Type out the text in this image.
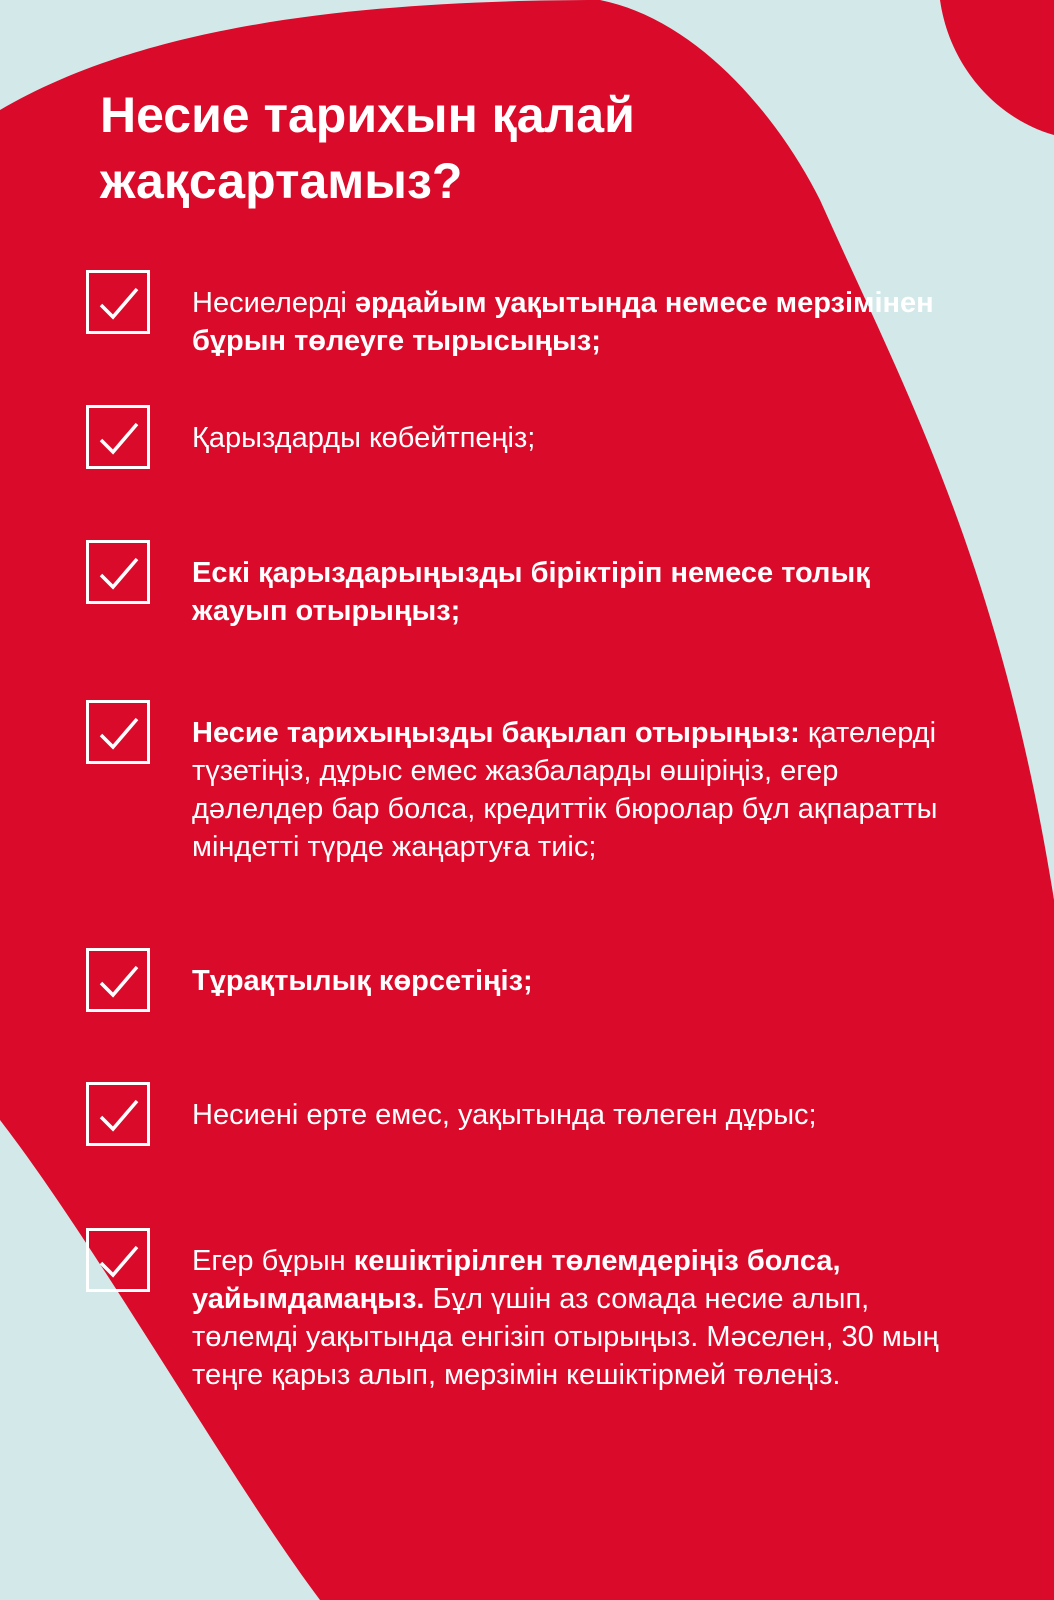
Несие тарихын қалай жақсартамыз?
Несиелерді әрдайым уақытында немесе мерзімінен бұрын төлеуге тырысыңыз;
Қарыздарды көбейтпеңіз;
Ескі қарыздарыңызды біріктіріп немесе толық жауып отырыңыз;
Несие тарихыңызды бақылап отырыңыз: қателерді түзетіңіз, дұрыс емес жазбаларды өшіріңіз, егер дәлелдер бар болса, кредиттік бюролар бұл ақпаратты міндетті түрде жаңартуға тиіс;
Тұрақтылық көрсетіңіз;
Несиені ерте емес, уақытында төлеген дұрыс;
Егер бұрын кешіктірілген төлемдеріңіз болса, уайымдамаңыз. Бұл үшін аз сомада несие алып, төлемді уақытында енгізіп отырыңыз. Мәселен, 30 мың теңге қарыз алып, мерзімін кешіктірмей төлеңіз.
